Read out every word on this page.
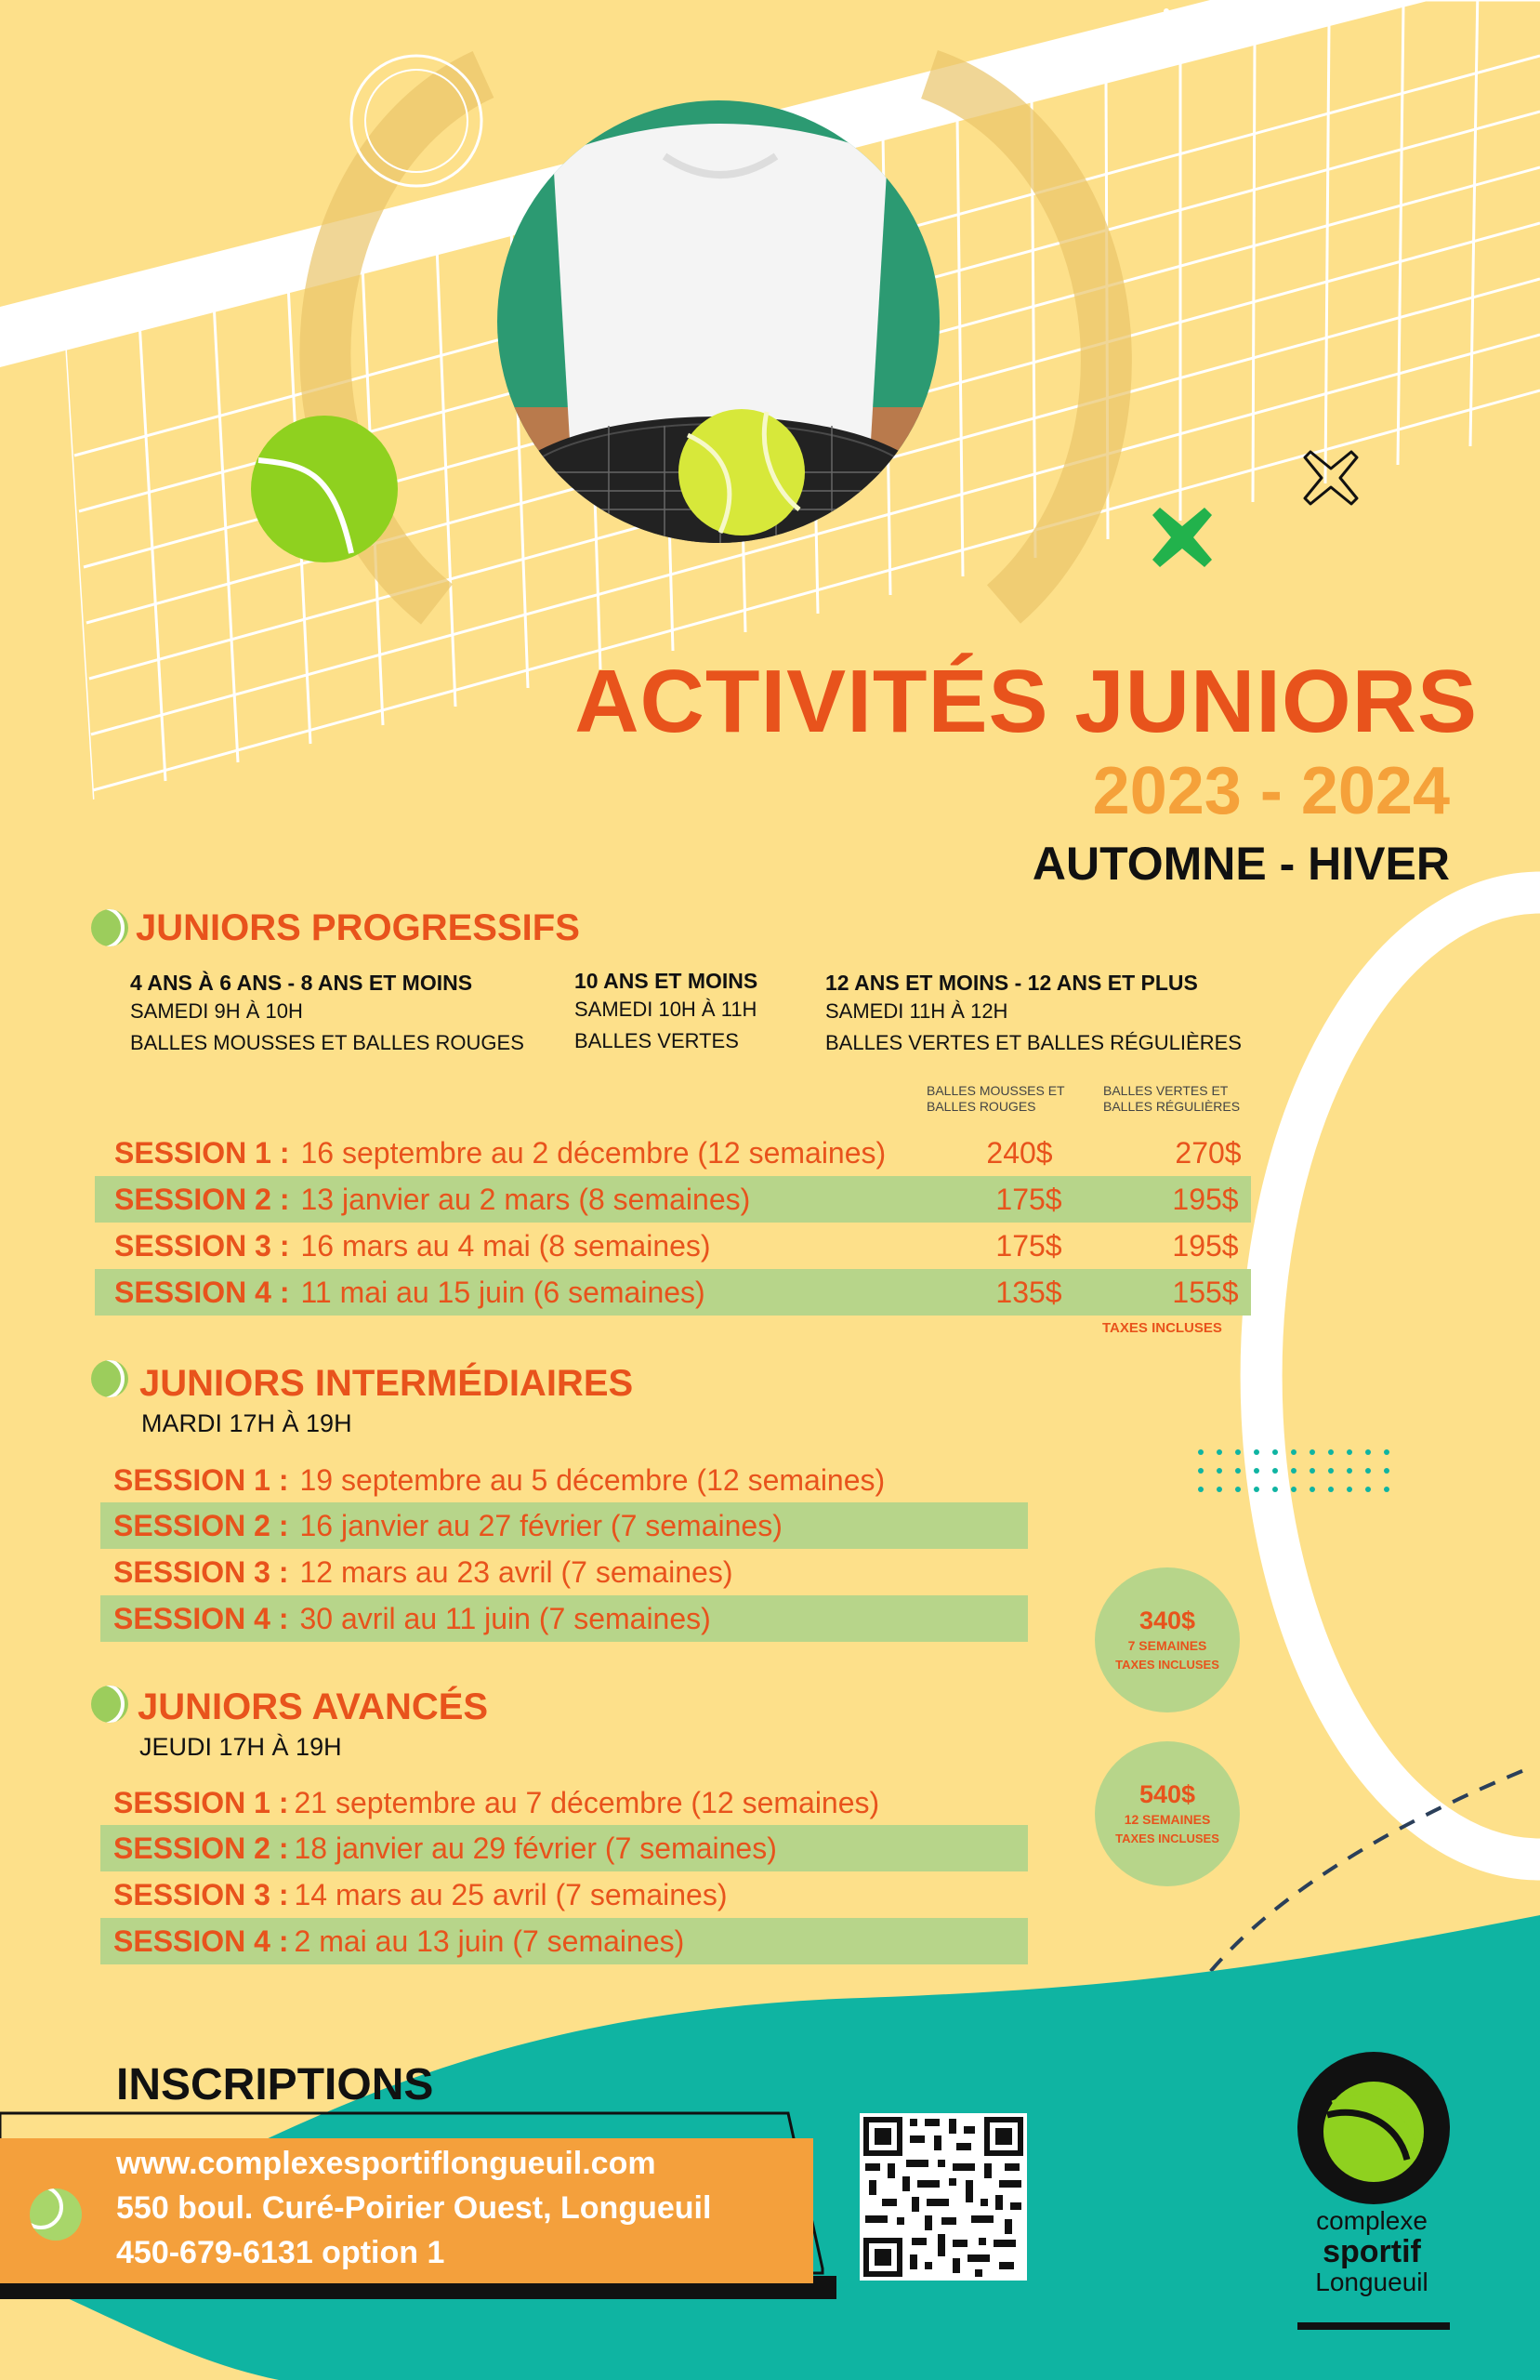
ACTIVITÉS JUNIORS
2023 - 2024
AUTOMNE - HIVER
JUNIORS PROGRESSIFS
4 ANS À 6 ANS - 8 ANS ET MOINS
SAMEDI 9H À 10H
BALLES MOUSSES ET BALLES ROUGES
10 ANS ET MOINS
SAMEDI 10H À 11H
BALLES VERTES
12 ANS ET MOINS - 12 ANS ET PLUS
SAMEDI 11H À 12H
BALLES VERTES ET BALLES RÉGULIÈRES
BALLES MOUSSES ET
BALLES ROUGES
BALLES VERTES ET
BALLES RÉGULIÈRES
SESSION 1 : 16 septembre au 2 décembre (12 semaines)	240$	270$
SESSION 2 : 13 janvier au 2 mars (8 semaines)	175$	195$
SESSION 3 : 16 mars au 4 mai (8 semaines)	175$	195$
SESSION 4 : 11 mai au 15 juin (6 semaines)	135$	155$
TAXES INCLUSES
JUNIORS INTERMÉDIAIRES
MARDI 17H À 19H
SESSION 1 : 19 septembre au 5 décembre (12 semaines)
SESSION 2 : 16 janvier au 27 février (7 semaines)
SESSION 3 : 12 mars au 23 avril (7 semaines)
SESSION 4 : 30 avril au 11 juin (7 semaines)	340$
7 SEMAINES
TAXES INCLUSES
JUNIORS AVANCÉS
JEUDI 17H À 19H
SESSION 1 : 21 septembre au 7 décembre (12 semaines)
SESSION 2 : 18 janvier au 29 février (7 semaines)
SESSION 3 : 14 mars au 25 avril (7 semaines)
SESSION 4 : 2 mai au 13 juin (7 semaines)
540$
12 SEMAINES
TAXES INCLUSES
INSCRIPTIONS
www.complexesportiflongueuil.com
550 boul. Curé-Poirier Ouest, Longueuil
450-679-6131 option 1
complexe
sportif
Longueuil
